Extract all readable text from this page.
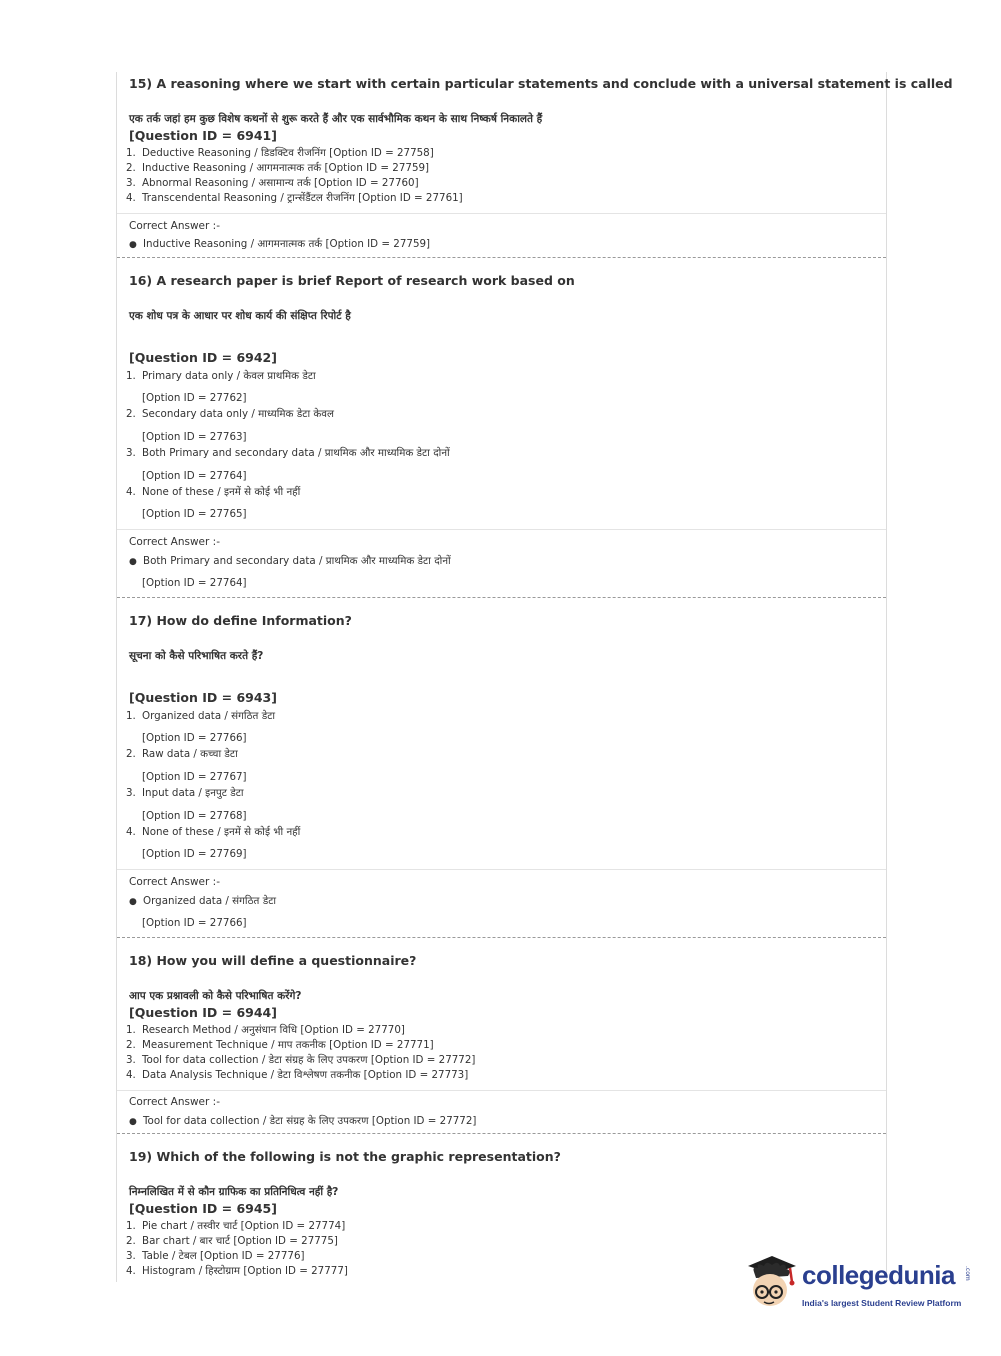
15) A reasoning where we start with certain particular statements and conclude with a universal statement is called
एक तर्क जहां हम कुछ विशेष कथनों से शुरू करते हैं और एक सार्वभौमिक कथन के साथ निष्कर्ष निकालते हैं
[Question ID = 6941]
1. Deductive Reasoning / डिडक्टिव रीजनिंग [Option ID = 27758]
2. Inductive Reasoning / आगमनात्मक तर्क [Option ID = 27759]
3. Abnormal Reasoning / असामान्य तर्क [Option ID = 27760]
4. Transcendental Reasoning / ट्रान्सेंडैंटल रीजनिंग [Option ID = 27761]
Correct Answer :-
● Inductive Reasoning / आगमनात्मक तर्क [Option ID = 27759]
16) A research paper is brief Report of research work based on
एक शोध पत्र के आधार पर शोध कार्य की संक्षिप्त रिपोर्ट है
[Question ID = 6942]
1. Primary data only / केवल प्राथमिक डेटा
[Option ID = 27762]
2. Secondary data only / माध्यमिक डेटा केवल
[Option ID = 27763]
3. Both Primary and secondary data / प्राथमिक और माध्यमिक डेटा दोनों
[Option ID = 27764]
4. None of these / इनमें से कोई भी नहीं
[Option ID = 27765]
Correct Answer :-
● Both Primary and secondary data / प्राथमिक और माध्यमिक डेटा दोनों
[Option ID = 27764]
17) How do define Information?
सूचना को कैसे परिभाषित करते हैं?
[Question ID = 6943]
1. Organized data / संगठित डेटा
[Option ID = 27766]
2. Raw data / कच्चा डेटा
[Option ID = 27767]
3. Input data / इनपुट डेटा
[Option ID = 27768]
4. None of these / इनमें से कोई भी नहीं
[Option ID = 27769]
Correct Answer :-
● Organized data / संगठित डेटा
[Option ID = 27766]
18) How you will define a questionnaire?
आप एक प्रश्नावली को कैसे परिभाषित करेंगे?
[Question ID = 6944]
1. Research Method / अनुसंधान विधि [Option ID = 27770]
2. Measurement Technique / माप तकनीक [Option ID = 27771]
3. Tool for data collection / डेटा संग्रह के लिए उपकरण [Option ID = 27772]
4. Data Analysis Technique / डेटा विश्लेषण तकनीक [Option ID = 27773]
Correct Answer :-
● Tool for data collection / डेटा संग्रह के लिए उपकरण [Option ID = 27772]
19) Which of the following is not the graphic representation?
निम्नलिखित में से कौन ग्राफिक का प्रतिनिधित्व नहीं है?
[Question ID = 6945]
1. Pie chart / तस्वीर चार्ट [Option ID = 27774]
2. Bar chart / बार चार्ट [Option ID = 27775]
3. Table / टेबल [Option ID = 27776]
4. Histogram / हिस्टोग्राम [Option ID = 27777]	collegedunia .com
India's largest Student Review Platform
